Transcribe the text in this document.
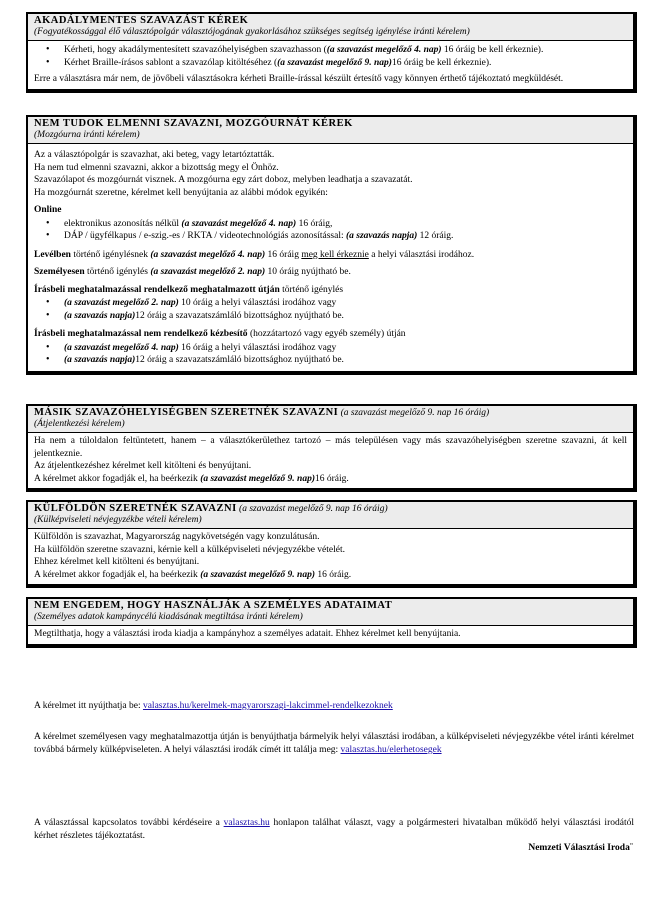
AKADÁLYMENTES SZAVAZÁST KÉREK
(Fogyatékossággal élő választópolgár választójogának gyakorlásához szükséges segítség igénylése iránti kérelem)
• Kérheti, hogy akadálymentesített szavazóhelyiségben szavazhasson ((a szavazást megelőző 4. nap) 16 óráig be kell érkeznie).
• Kérhet Braille-írásos sablont a szavazólap kitöltéséhez ((a szavazást megelőző 9. nap)16 óráig be kell érkeznie).

Erre a választásra már nem, de jövőbeli választásokra kérheti Braille-írással készült értesítő vagy könnyen érthető tájékoztató megküldését.

NEM TUDOK ELMENNI SZAVAZNI, MOZGÓURNÁT KÉREK
(Mozgóurna iránti kérelem)

Az a választópolgár is szavazhat, aki beteg, vagy letartóztatták.

Ha nem tud elmenni szavazni, akkor a bizottság megy el Önhöz.

Szavazólapot és mozgóurnát visznek. A mozgóurna egy zárt doboz, melyben leadhatja a szavazatát.

Ha mozgóurnát szeretne, kérelmet kell benyújtania az alábbi módok egyikén:

Online

• elektronikus azonosítás nélkül (a szavazást megelőző 4. nap) 16 óráig,
• DÁP / ügyfélkapus / e-szig.-es / RKTA / videotechnológiás azonosítással: (a szavazás napja) 12 óráig.

Levélben történő igénylésnek (a szavazást megelőző 4. nap) 16 óráig meg kell érkeznie a helyi választási irodához.

Személyesen történő igénylés (a szavazást megelőző 2. nap) 10 óráig nyújtható be.

Írásbeli meghatalmazással rendelkező meghatalmazott útján történő igénylés

• (a szavazást megelőző 2. nap) 10 óráig a helyi választási irodához vagy
• (a szavazás napja)12 óráig a szavazatszámláló bizottsághoz nyújtható be.

Írásbeli meghatalmazással nem rendelkező kézbesítő (hozzátartozó vagy egyéb személy) útján

• (a szavazást megelőző 4. nap) 16 óráig a helyi választási irodához vagy
• (a szavazás napja)12 óráig a szavazatszámláló bizottsághoz nyújtható be.
MÁSIK SZAVAZÓHELYISÉGBEN SZERETNÉK SZAVAZNI (a szavazást megelőző 9. nap 16 óráig)
(Átjelentkezési kérelem)

Ha nem a túloldalon feltüntetett, hanem – a választókerülethez tartozó – más településen vagy más szavazóhelyiségben szeretne szavazni, át kell jelentkeznie.

Az átjelentkezéshez kérelmet kell kitölteni és benyújtani.

A kérelmet akkor fogadják el, ha beérkezik (a szavazást megelőző 9. nap)16 óráig.

KÜLFÖLDÖN SZERETNÉK SZAVAZNI (a szavazást megelőző 9. nap 16 óráig)
(Külképviseleti névjegyzékbe vételi kérelem)

Külföldön is szavazhat, Magyarország nagykövetségén vagy konzulátusán.

Ha külföldön szeretne szavazni, kérnie kell a külképviseleti névjegyzékbe vételét.

Ehhez kérelmet kell kitölteni és benyújtani.

A kérelmet akkor fogadják el, ha beérkezik (a szavazást megelőző 9. nap) 16 óráig.

NEM ENGEDEM, HOGY HASZNÁLJÁK A SZEMÉLYES ADATAIMAT
(Személyes adatok kampánycélú kiadásának megtiltása iránti kérelem)

Megtilthatja, hogy a választási iroda kiadja a kampányhoz a személyes adatait. Ehhez kérelmet kell benyújtania.

A kérelmet itt nyújthatja be: valasztas.hu/kerelmek-magyarorszagi-lakcimmel-rendelkezoknek
A kérelmet személyesen vagy meghatalmazottja útján is benyújthatja bármelyik helyi választási irodában, a külképviseleti névjegyzékbe vétel iránti kérelmet továbbá bármely külképviseleten. A helyi választási irodák címét itt találja meg: valasztas.hu/elerhetosegek
A választással kapcsolatos további kérdéseire a valasztas.hu honlapon találhat választ, vagy a polgármesteri hivatalban működő helyi választási irodától kérhet részletes tájékoztatást.
Nemzeti Választási Iroda¨
